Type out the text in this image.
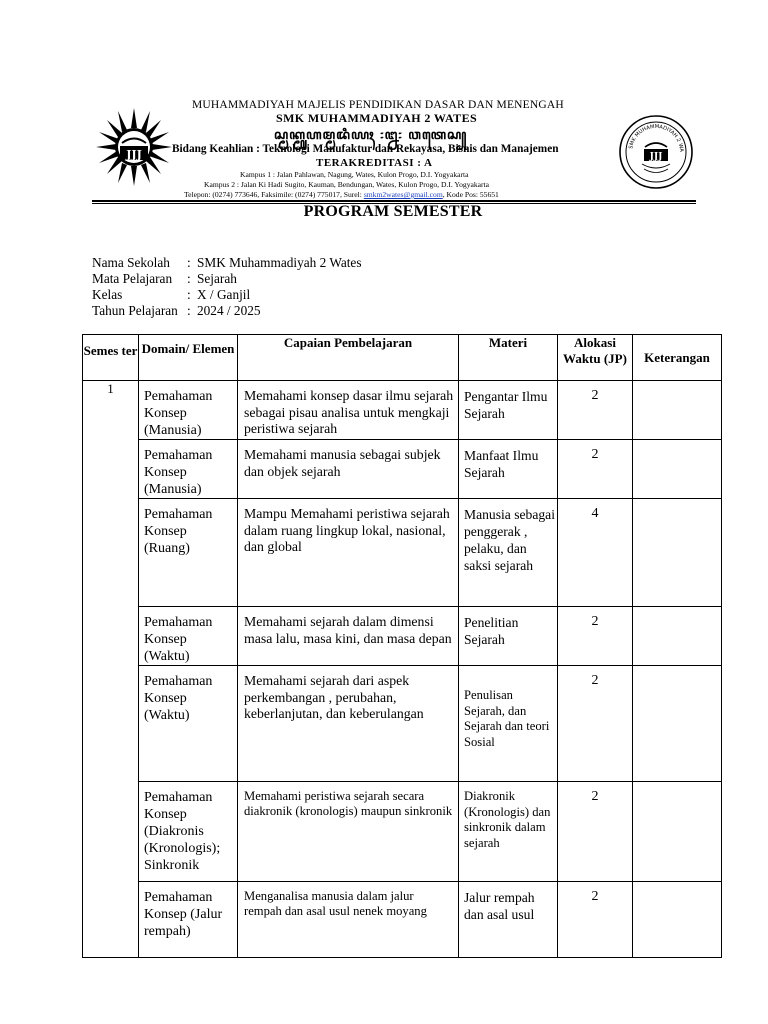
JJJ
SMK MUHAMMADIYAH 2 WA
JJJ
MUHAMMADIYAH MAJELIS PENDIDIKAN DASAR DAN MENENGAH
SMK MUHAMMADIYAH 2 WATES
ꦱ꧀ꦩꦏ꧀ꦩꦸꦲꦩ꧀ꦩꦢꦶꦪꦃ ꧇꧒꧇ ꦮꦠꦺꦱ꧀
Bidang Keahlian : Teknologi Manufaktur dan Rekayasa, Bisnis dan Manajemen
TERAKREDITASI : A
Kampus 1 : Jalan Pahlawan, Nagung, Wates, Kulon Progo, D.I. Yogyakarta
Kampus 2 : Jalan Ki Hadi Sugito, Kauman, Bendungan, Wates, Kulon Progo, D.I. Yogyakarta
Telepon: (0274) 773646, Faksimile: (0274) 775017, Surel: smkm2wates@gmail.com, Kode Pos: 55651
PROGRAM SEMESTER
Nama Sekolah	: SMK Muhammadiyah 2 Wates
Mata Pelajaran	: Sejarah
Kelas	: X / Ganjil
Tahun Pelajaran : 2024 / 2025
Semes ter	Domain/ Elemen	Capaian Pembelajaran	Materi	Alokasi Waktu (JP)	Keterangan
1	Pemahaman Konsep (Manusia)	Memahami konsep dasar ilmu sejarah sebagai pisau analisa untuk mengkaji peristiwa sejarah	Pengantar Ilmu Sejarah	2	
	Pemahaman Konsep (Manusia)	Memahami manusia sebagai subjek dan objek sejarah	Manfaat Ilmu Sejarah	2	
	Pemahaman Konsep (Ruang)	Mampu Memahami peristiwa sejarah dalam ruang lingkup lokal, nasional, dan global	Manusia sebagai penggerak , pelaku, dan saksi sejarah	4	
	Pemahaman Konsep (Waktu)	Memahami sejarah dalam dimensi masa lalu, masa kini, dan masa depan	Penelitian Sejarah	2	
	Pemahaman Konsep (Waktu)	Memahami sejarah dari aspek perkembangan , perubahan, keberlanjutan, dan keberulangan	Penulisan Sejarah, dan Sejarah dan teori Sosial	2	
	Pemahaman Konsep (Diakronis (Kronologis); Sinkronik	Memahami peristiwa sejarah secara diakronik (kronologis) maupun sinkronik	Diakronik (Kronologis) dan sinkronik dalam sejarah	2	
	Pemahaman Konsep (Jalur rempah)	Menganalisa manusia dalam jalur rempah dan asal usul nenek moyang	Jalur rempah dan asal usul	2	
